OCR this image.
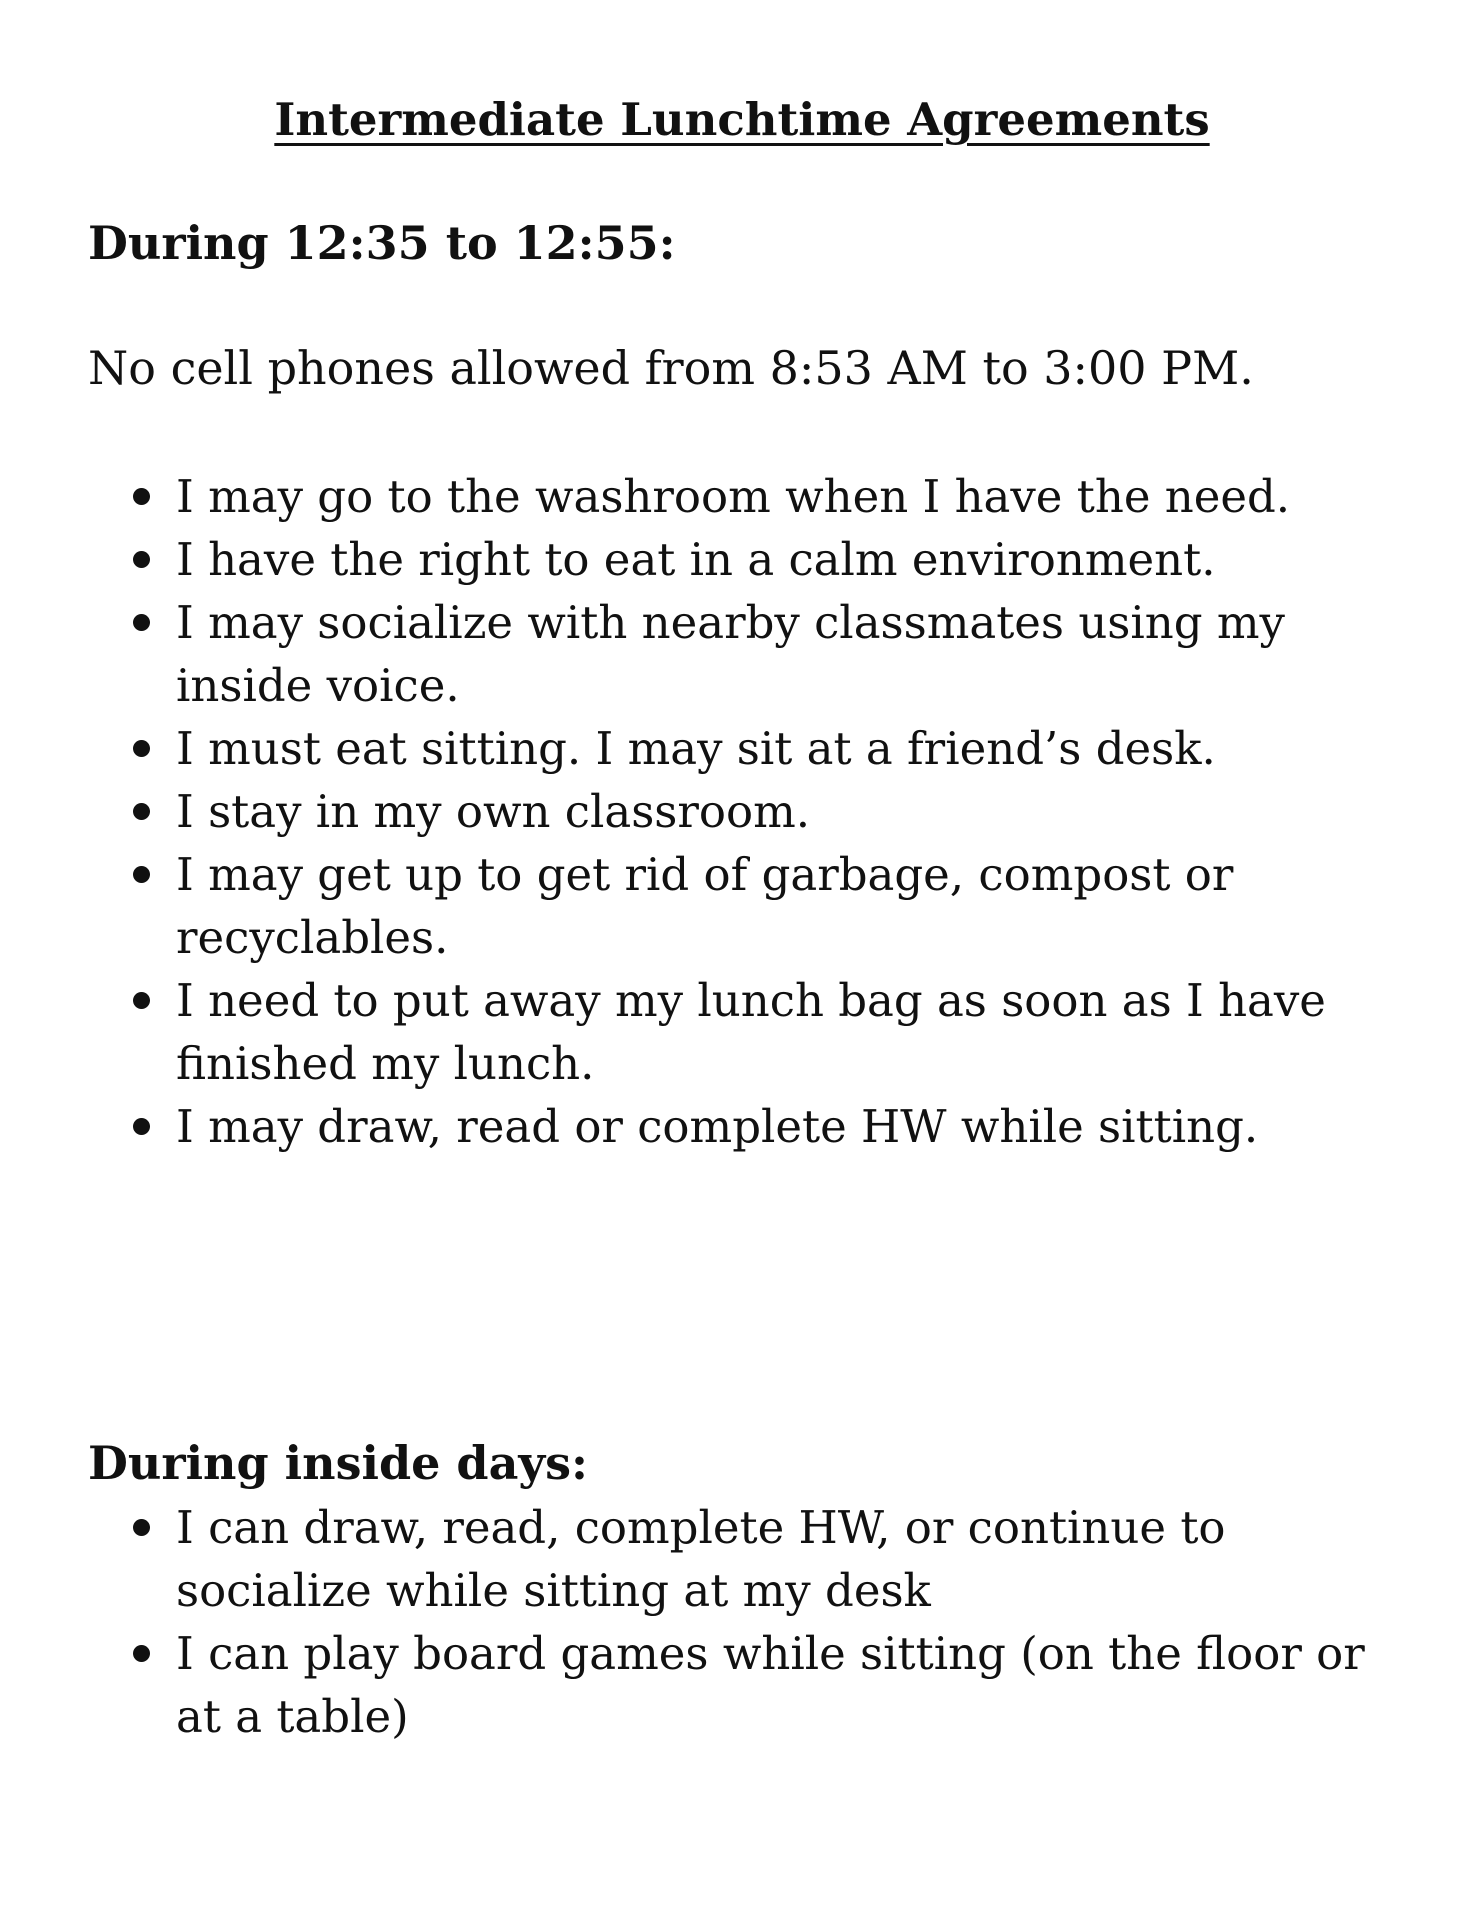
Intermediate Lunchtime Agreements
During 12:35 to 12:55:

No cell phones allowed from 8:53 AM to 3:00 PM.

I may go to the washroom when I have the need.
I have the right to eat in a calm environment.
I may socialize with nearby classmates using my inside voice.
I must eat sitting. I may sit at a friend’s desk.
I stay in my own classroom.
I may get up to get rid of garbage, compost or recyclables.
I need to put away my lunch bag as soon as I have finished my lunch.
I may draw, read or complete HW while sitting.
During inside days:
I can draw, read, complete HW, or continue to socialize while sitting at my desk
I can play board games while sitting (on the floor or at a table)
